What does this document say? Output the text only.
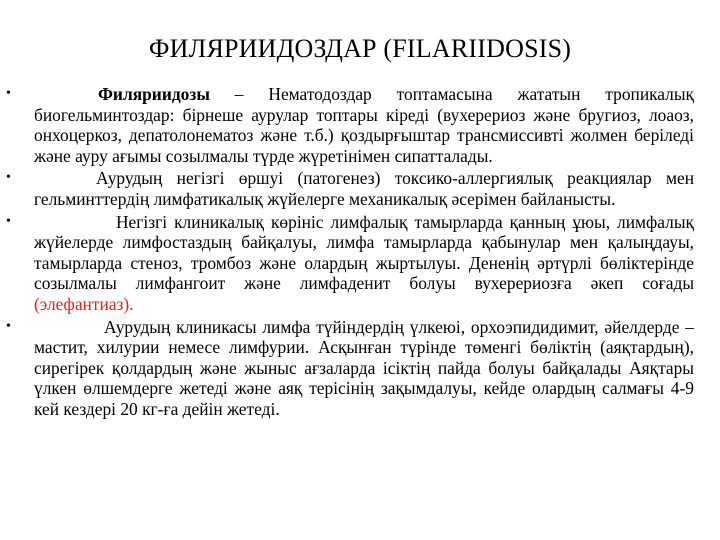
ФИЛЯРИИДОЗДАР (FILARIIDOSIS)
•	Филяриидозы – Нематодоздар топтамасына жататын тропикалық биогельминтоздар: бірнеше аурулар топтары кіреді (вухерериоз және бругиоз, лоаоз, онхоцеркоз, депатолонематоз және т.б.) қоздырғыштар трансмиссивті жолмен беріледі және ауру ағымы созылмалы түрде жүретінімен сипатталады.
•	Аурудың негізгі өршуі (патогенез) токсико-аллергиялық реакциялар мен гельминттердің лимфатикалық жүйелерге механикалық әсерімен байланысты.
•	Негізгі клиникалық көрініс лимфалық тамырларда қанның ұюы, лимфалық жүйелерде лимфостаздың байқалуы, лимфа тамырларда қабынулар мен қалыңдауы, тамырларда стеноз, тромбоз және олардың жыртылуы. Дененің әртүрлі бөліктерінде созылмалы лимфангоит және лимфаденит болуы вухерериозға әкеп соғады (элефантиаз).
•	Аурудың клиникасы лимфа түйіндердің үлкеюі, орхоэпидидимит, әйелдерде – мастит, хилурии немесе лимфурии. Асқынған түрінде төменгі бөліктің (аяқтардың), сирегірек қолдардың және жыныс ағзаларда ісіктің пайда болуы байқалады Аяқтары үлкен өлшемдерге жетеді және аяқ терісінің зақымдалуы, кейде олардың салмағы 4-9 кей кездері 20 кг-ға дейін жетеді.
